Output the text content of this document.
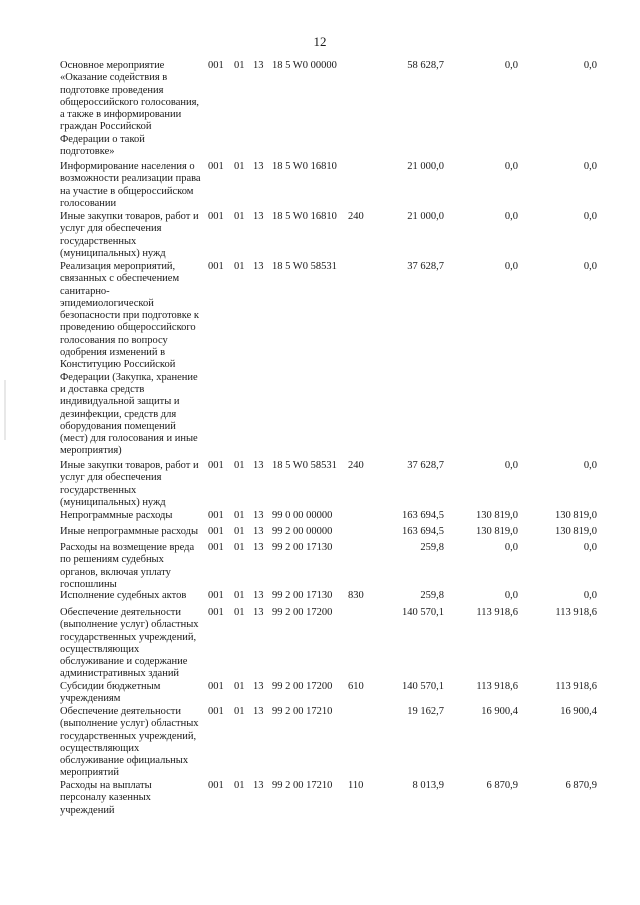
12
Основное мероприятие
«Оказание содействия в
подготовке проведения
общероссийского голосования,
а также в информировании
граждан Российской
Федерации о такой
подготовке»
001 01 13 18 5 W0 00000	58 628,7	0,0	0,0
Информирование населения о
возможности реализации права
на участие в общероссийском
голосовании
001 01 13 18 5 W0 16810	21 000,0	0,0	0,0
Иные закупки товаров, работ и
услуг для обеспечения
государственных
(муниципальных) нужд
001 01 13 18 5 W0 16810 240	21 000,0	0,0	0,0
Реализация мероприятий,
связанных с обеспечением
санитарно-
эпидемиологической
безопасности при подготовке к
проведению общероссийского
голосования по вопросу
одобрения изменений в
Конституцию Российской
Федерации (Закупка, хранение
и доставка средств
индивидуальной защиты и
дезинфекции, средств для
оборудования помещений
(мест) для голосования и иные
мероприятия)
001 01 13 18 5 W0 58531	37 628,7	0,0	0,0
Иные закупки товаров, работ и
услуг для обеспечения
государственных
(муниципальных) нужд
001 01 13 18 5 W0 58531 240	37 628,7	0,0	0,0
Непрограммные расходы	001 01 13 99 0 00 00000	163 694,5	130 819,0	130 819,0
Иные непрограммные расходы 001 01 13 99 2 00 00000	163 694,5	130 819,0	130 819,0
Расходы на возмещение вреда
по решениям судебных
органов, включая уплату
госпошлины
001 01 13 99 2 00 17130	259,8	0,0	0,0
Исполнение судебных актов	001 01 13 99 2 00 17130 830	259,8	0,0	0,0
Обеспечение деятельности
(выполнение услуг) областных
государственных учреждений,
осуществляющих
обслуживание и содержание
административных зданий
001 01 13 99 2 00 17200	140 570,1	113 918,6	113 918,6
Субсидии бюджетным
учреждениям
001 01 13 99 2 00 17200 610	140 570,1	113 918,6	113 918,6
Обеспечение деятельности
(выполнение услуг) областных
государственных учреждений,
осуществляющих
обслуживание официальных
мероприятий
001 01 13 99 2 00 17210	19 162,7	16 900,4	16 900,4
Расходы на выплаты
персоналу казенных
учреждений
001 01 13 99 2 00 17210 110	8 013,9	6 870,9	6 870,9
